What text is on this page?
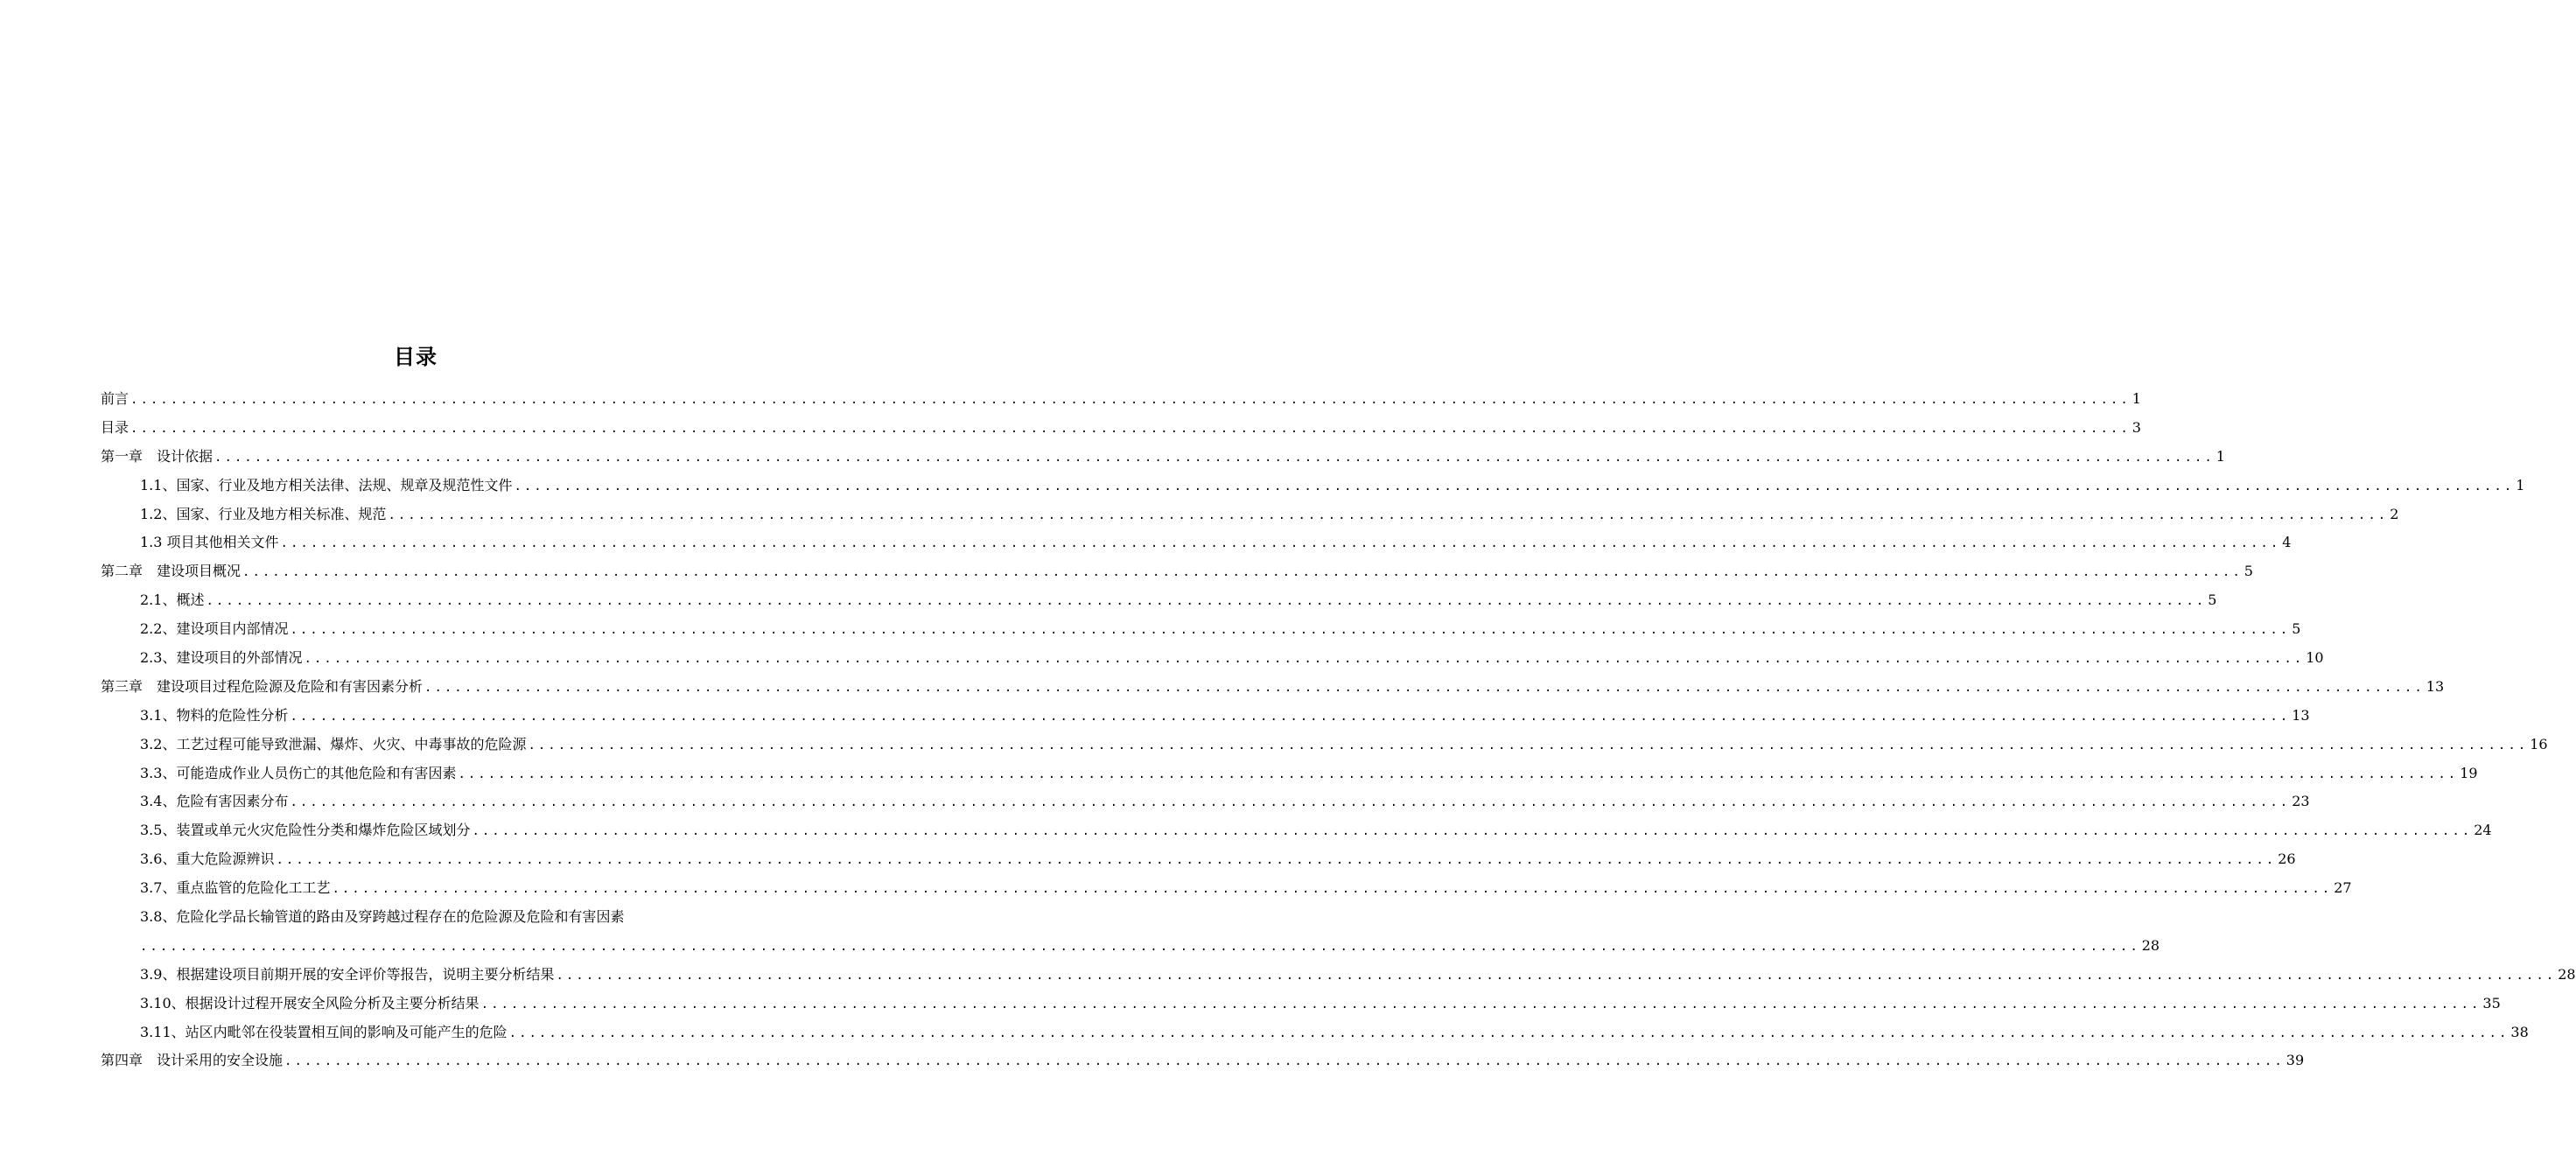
目录
前言 ........................................................................................................................................................................................................ 1
目录 ........................................................................................................................................................................................................ 3
第一章　设计依据 ........................................................................................................................................................................................................ 1
1.1、国家、行业及地方相关法律、法规、规章及规范性文件 ........................................................................................................................................................................................................ 1
1.2、国家、行业及地方相关标准、规范 ........................................................................................................................................................................................................ 2
1.3 项目其他相关文件 ........................................................................................................................................................................................................ 4
第二章　建设项目概况 ........................................................................................................................................................................................................ 5
2.1、概述 ........................................................................................................................................................................................................ 5
2.2、建设项目内部情况 ........................................................................................................................................................................................................ 5
2.3、建设项目的外部情况 ........................................................................................................................................................................................................ 10
第三章　建设项目过程危险源及危险和有害因素分析 ........................................................................................................................................................................................................ 13
3.1、物料的危险性分析 ........................................................................................................................................................................................................ 13
3.2、工艺过程可能导致泄漏、爆炸、火灾、中毒事故的危险源 ........................................................................................................................................................................................................ 16
3.3、可能造成作业人员伤亡的其他危险和有害因素 ........................................................................................................................................................................................................ 19
3.4、危险有害因素分布 ........................................................................................................................................................................................................ 23
3.5、装置或单元火灾危险性分类和爆炸危险区域划分 ........................................................................................................................................................................................................ 24
3.6、重大危险源辨识 ........................................................................................................................................................................................................ 26
3.7、重点监管的危险化工工艺 ........................................................................................................................................................................................................ 27
3.8、危险化学品长输管道的路由及穿跨越过程存在的危险源及危险和有害因素
........................................................................................................................................................................................................ 28
3.9、根据建设项目前期开展的安全评价等报告，说明主要分析结果 ........................................................................................................................................................................................................ 28
3.10、根据设计过程开展安全风险分析及主要分析结果 ........................................................................................................................................................................................................ 35
3.11、站区内毗邻在役装置相互间的影响及可能产生的危险 ........................................................................................................................................................................................................ 38
第四章　设计采用的安全设施 ........................................................................................................................................................................................................ 39
